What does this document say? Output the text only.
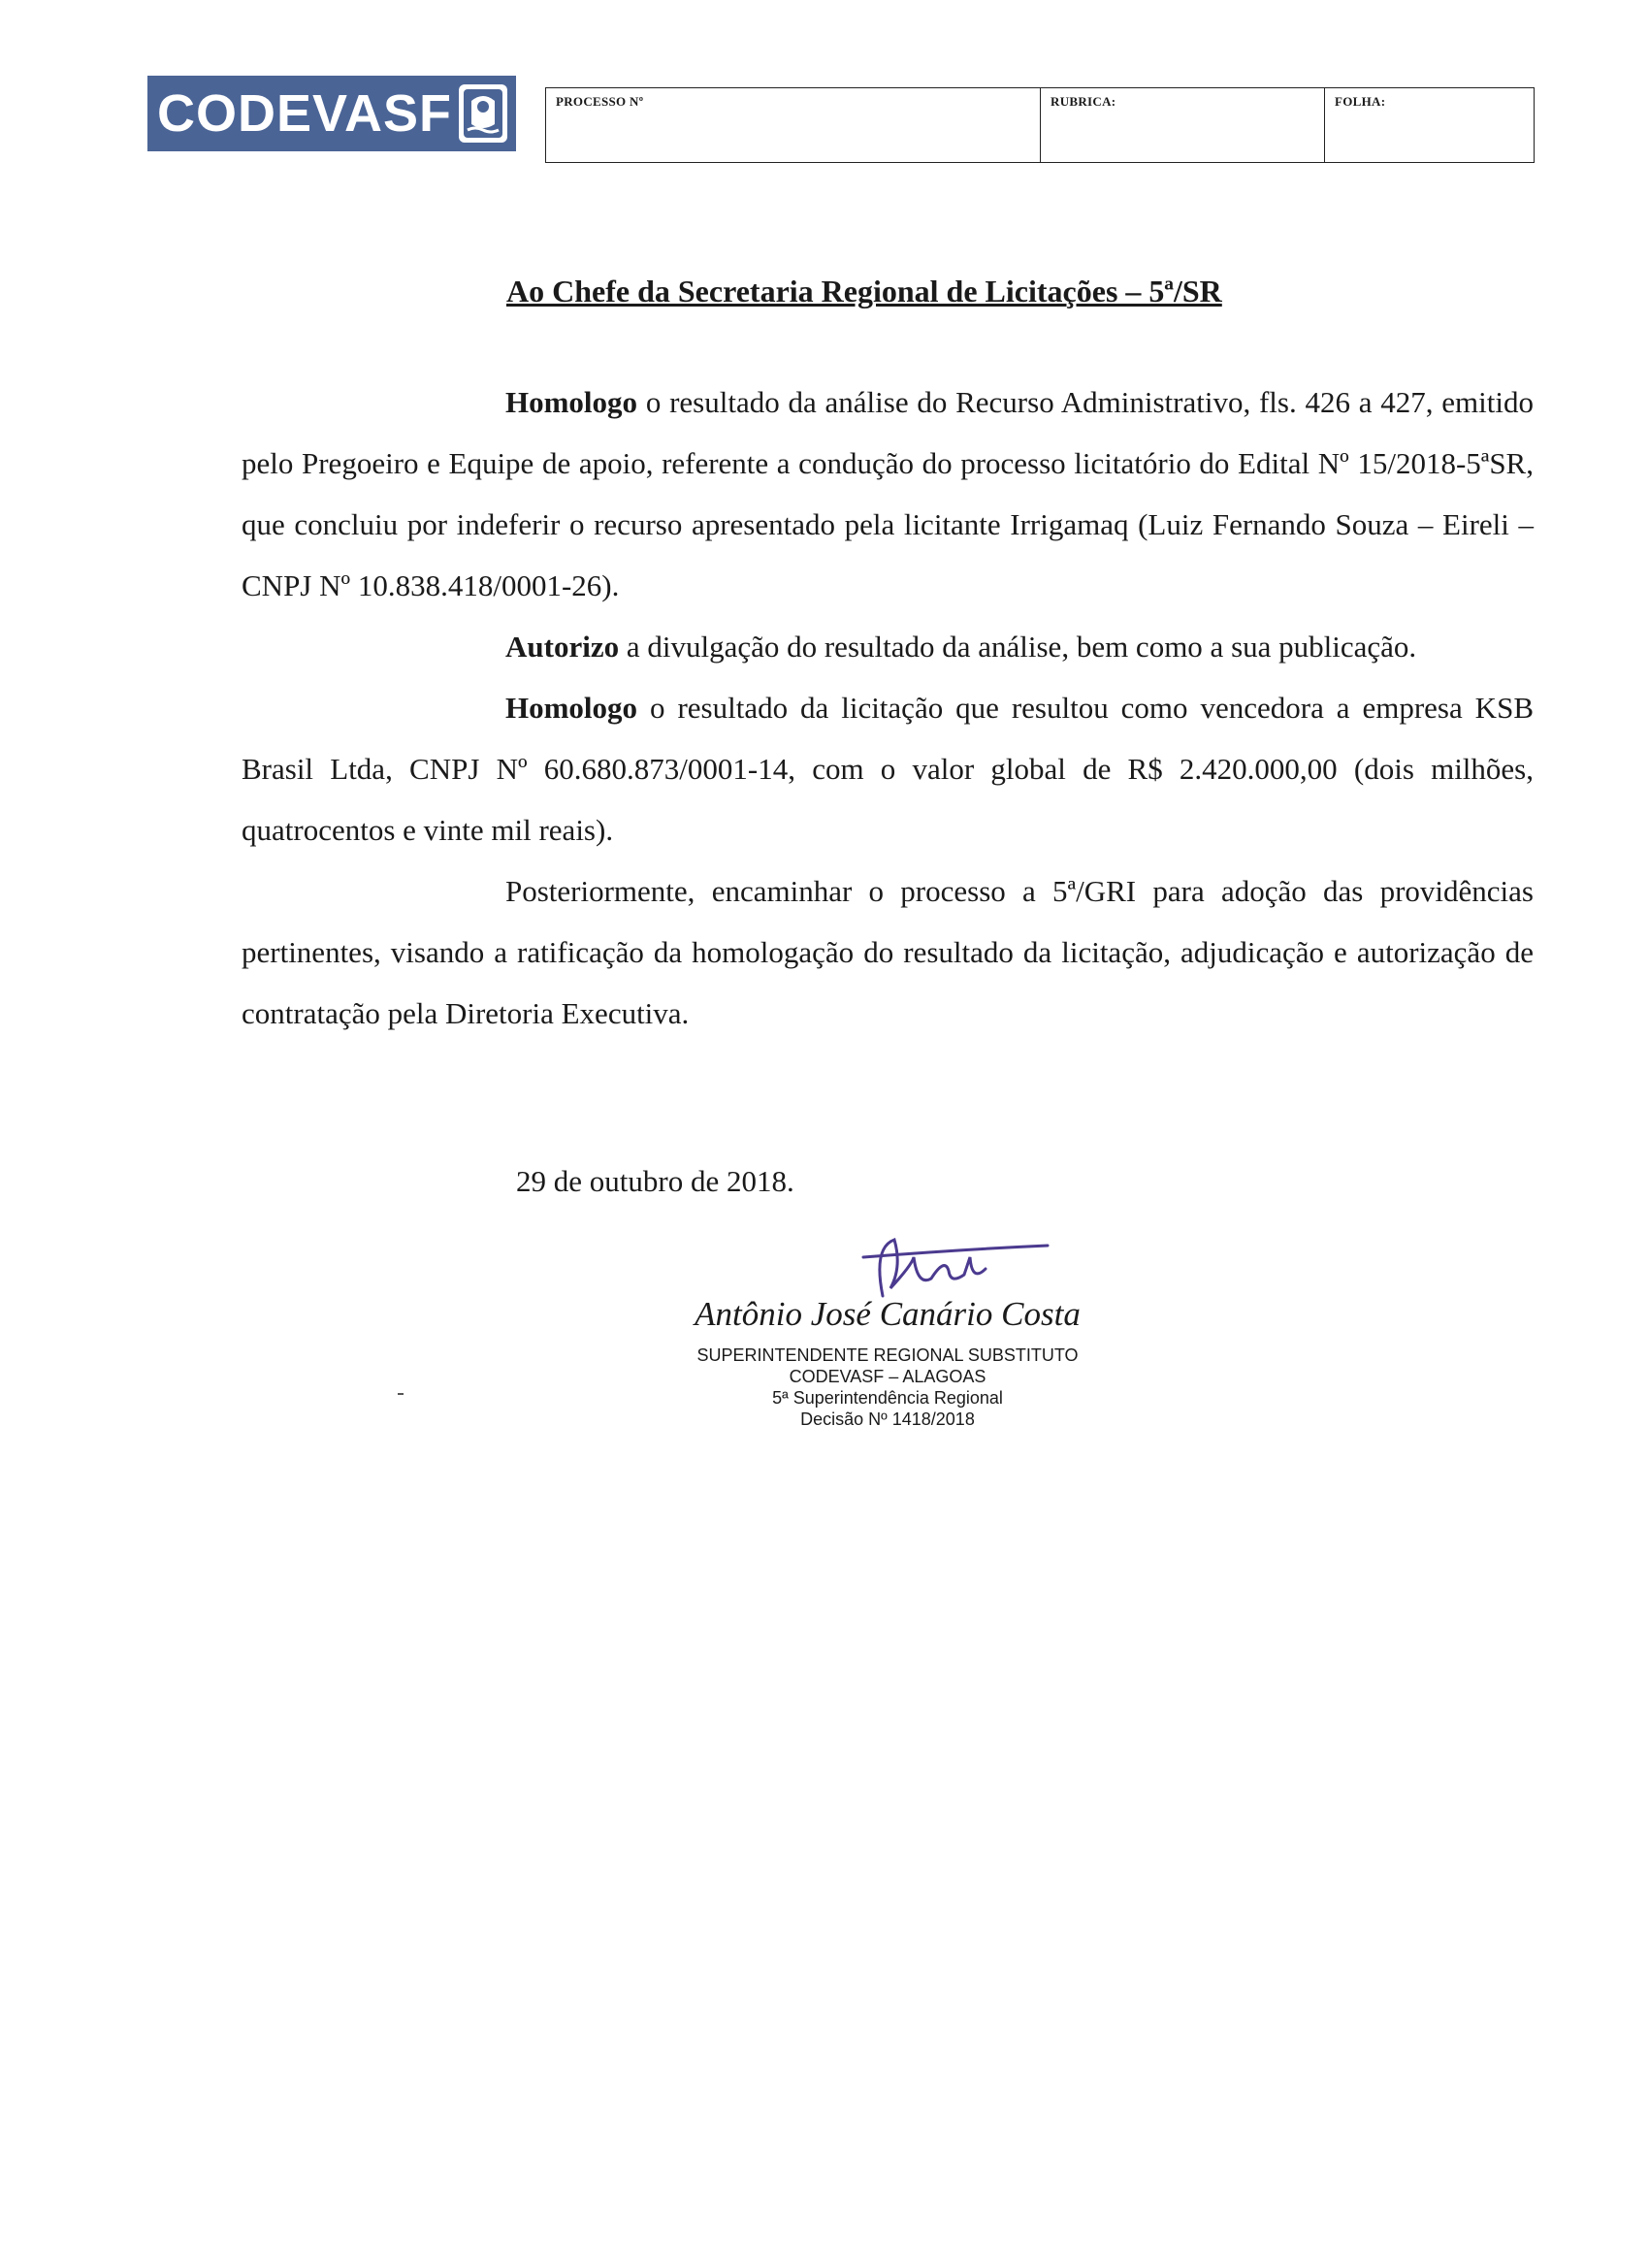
CODEVASF	PROCESSO Nº	RUBRICA:	FOLHA:
Ao Chefe da Secretaria Regional de Licitações – 5ª/SR

Homologo o resultado da análise do Recurso Administrativo, fls. 426 a 427, emitido pelo Pregoeiro e Equipe de apoio, referente a condução do processo licitatório do Edital Nº 15/2018-5ªSR, que concluiu por indeferir o recurso apresentado pela licitante Irrigamaq (Luiz Fernando Souza – Eireli – CNPJ Nº 10.838.418/0001-26).

Autorizo a divulgação do resultado da análise, bem como a sua publicação.

Homologo o resultado da licitação que resultou como vencedora a empresa KSB Brasil Ltda, CNPJ Nº 60.680.873/0001-14, com o valor global de R$ 2.420.000,00 (dois milhões, quatrocentos e vinte mil reais).

Posteriormente, encaminhar o processo a 5ª/GRI para adoção das providências pertinentes, visando a ratificação da homologação do resultado da licitação, adjudicação e autorização de contratação pela Diretoria Executiva.

29 de outubro de 2018.
Antônio José Canário Costa
SUPERINTENDENTE REGIONAL SUBSTITUTO
CODEVASF – ALAGOAS
5ª Superintendência Regional
Decisão Nº 1418/2018
